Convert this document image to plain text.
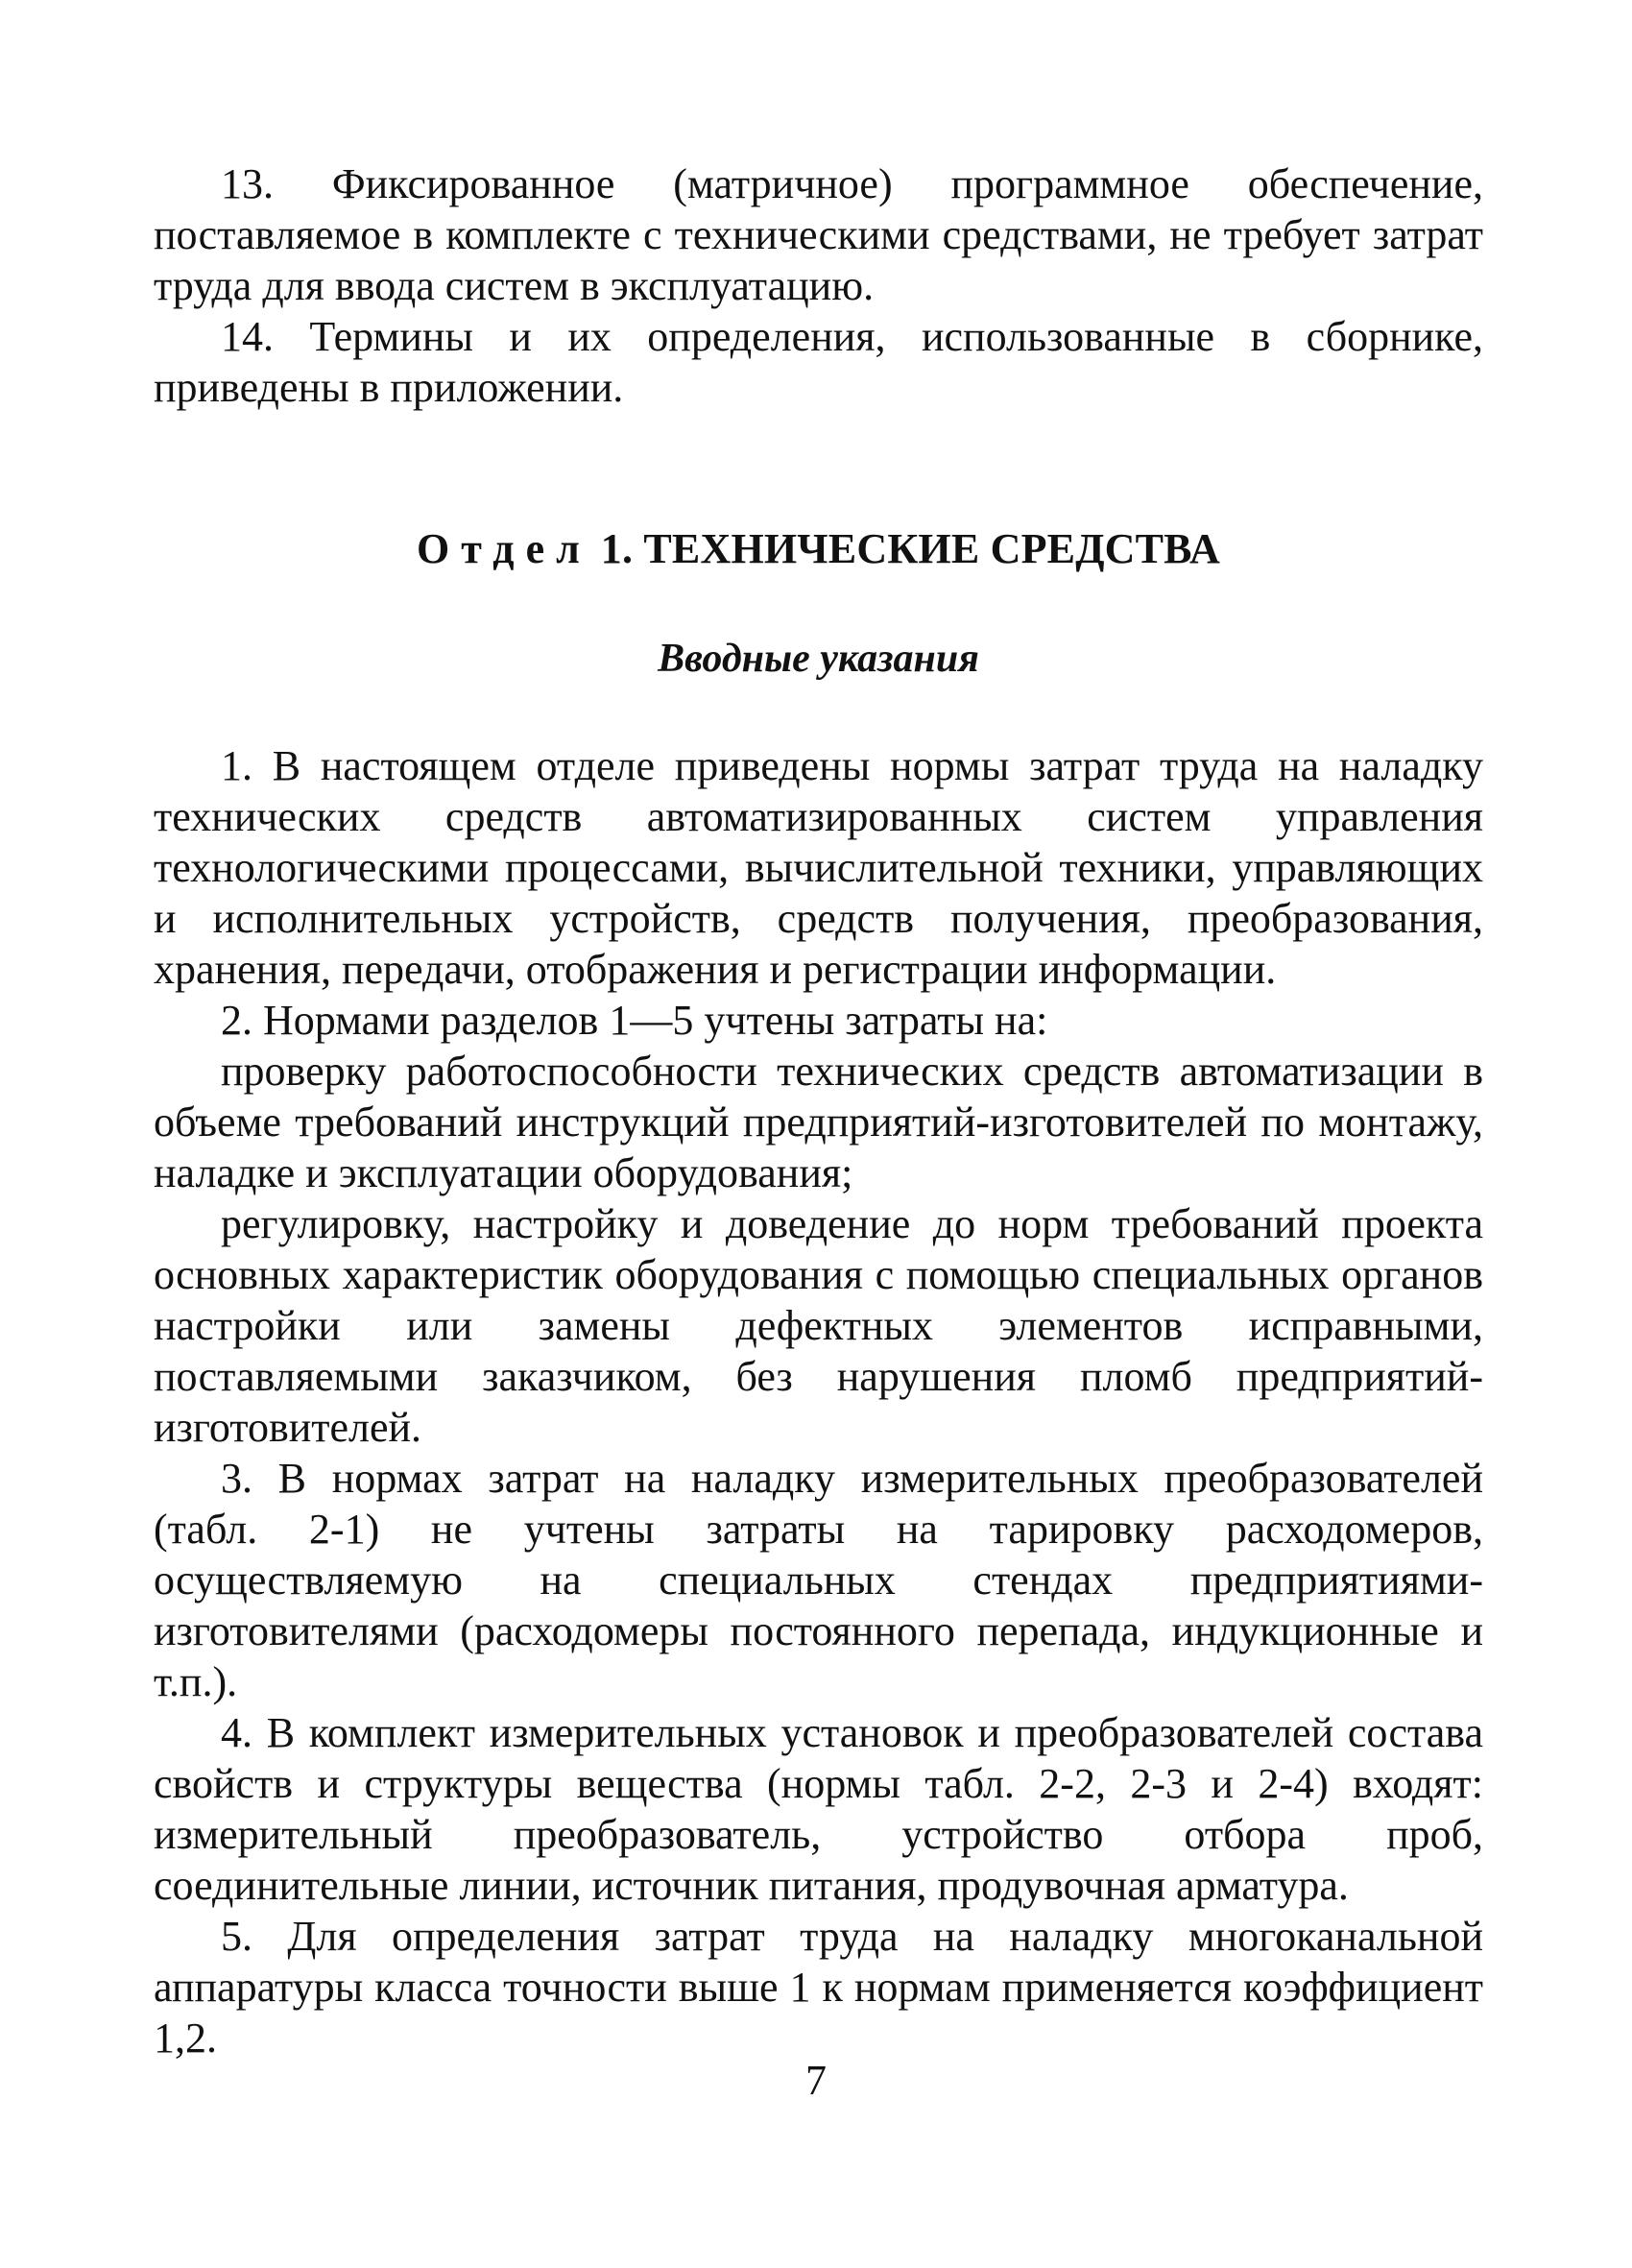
13. Фиксированное (матричное) программное обеспечение, поставляемое в комплекте с техническими средствами, не требует затрат труда для ввода систем в эксплуатацию.

14. Термины и их определения, использованные в сборнике, приведены в приложении.

Отдел 1. ТЕХНИЧЕСКИЕ СРЕДСТВА
Вводные указания

1. В настоящем отделе приведены нормы затрат труда на наладку технических средств автоматизированных систем управления технологическими процессами, вычислительной техники, управляющих и исполнительных устройств, средств получения, преобразования, хранения, передачи, отображения и регистрации информации.

2. Нормами разделов 1—5 учтены затраты на:

проверку работоспособности технических средств автоматизации в объеме требований инструкций предприятий-изготовителей по монтажу, наладке и эксплуатации оборудования;

регулировку, настройку и доведение до норм требований проекта основных характеристик оборудования с помощью специальных органов настройки или замены дефектных элементов исправными, поставляемыми заказчиком, без нарушения пломб предприятий-изготовителей.

3. В нормах затрат на наладку измерительных преобразователей (табл. 2-1) не учтены затраты на тарировку расходомеров, осуществляемую на специальных стендах предприятиями-изготовителями (расходомеры постоянного перепада, индукционные и т.п.).

4. В комплект измерительных установок и преобразователей состава свойств и структуры вещества (нормы табл. 2-2, 2-3 и 2-4) входят: измерительный преобразователь, устройство отбора проб, соединительные линии, источник питания, продувочная арматура.

5. Для определения затрат труда на наладку многоканальной аппаратуры класса точности выше 1 к нормам применяется коэффициент 1,2.

7
